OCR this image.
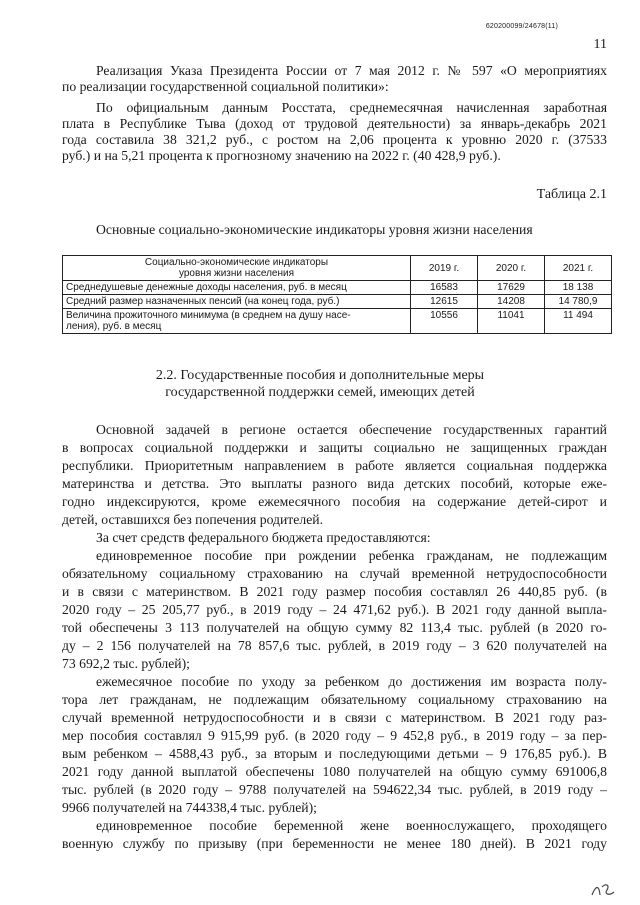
620200099/24678(11)
11
Реализация Указа Президента России от 7 мая 2012 г. № 597 «О мероприятиях
по реализации государственной социальной политики»:
По официальным данным Росстата, среднемесячная начисленная заработная
плата в Республике Тыва (доход от трудовой деятельности) за январь-декабрь 2021
года составила 38 321,2 руб., с ростом на 2,06 процента к уровню 2020 г. (37533
руб.) и на 5,21 процента к прогнозному значению на 2022 г. (40 428,9 руб.).
Таблица 2.1
Основные социально-экономические индикаторы уровня жизни населения
Социально-экономические индикаторы
уровня жизни населения	2019 г.	2020 г.	2021 г.
Среднедушевые денежные доходы населения, руб. в месяц	16583	17629	18 138
Средний размер назначенных пенсий (на конец года, руб.)	12615	14208	14 780,9

Величина прожиточного минимума (в среднем на душу насе-
ления), руб. в месяц	10556	11041	11 494
2.2. Государственные пособия и дополнительные меры
государственной поддержки семей, имеющих детей
Основной задачей в регионе остается обеспечение государственных гарантий
в вопросах социальной поддержки и защиты социально не защищенных граждан
республики. Приоритетным направлением в работе является социальная поддержка
материнства и детства. Это выплаты разного вида детских пособий, которые еже-
годно индексируются, кроме ежемесячного пособия на содержание детей-сирот и
детей, оставшихся без попечения родителей.
За счет средств федерального бюджета предоставляются:
единовременное пособие при рождении ребенка гражданам, не подлежащим
обязательному социальному страхованию на случай временной нетрудоспособности
и в связи с материнством. В 2021 году размер пособия составлял 26 440,85 руб. (в
2020 году – 25 205,77 руб., в 2019 году – 24 471,62 руб.). В 2021 году данной выпла-
той обеспечены 3 113 получателей на общую сумму 82 113,4 тыс. рублей (в 2020 го-
ду – 2 156 получателей на 78 857,6 тыс. рублей, в 2019 году – 3 620 получателей на
73 692,2 тыс. рублей);
ежемесячное пособие по уходу за ребенком до достижения им возраста полу-
тора лет гражданам, не подлежащим обязательному социальному страхованию на
случай временной нетрудоспособности и в связи с материнством. В 2021 году раз-
мер пособия составлял 9 915,99 руб. (в 2020 году – 9 452,8 руб., в 2019 году – за пер-
вым ребенком – 4588,43 руб., за вторым и последующими детьми – 9 176,85 руб.). В
2021 году данной выплатой обеспечены 1080 получателей на общую сумму 691006,8
тыс. рублей (в 2020 году – 9788 получателей на 594622,34 тыс. рублей, в 2019 году –
9966 получателей на 744338,4 тыс. рублей);
единовременное пособие беременной жене военнослужащего, проходящего
военную службу по призыву (при беременности не менее 180 дней). В 2021 году
